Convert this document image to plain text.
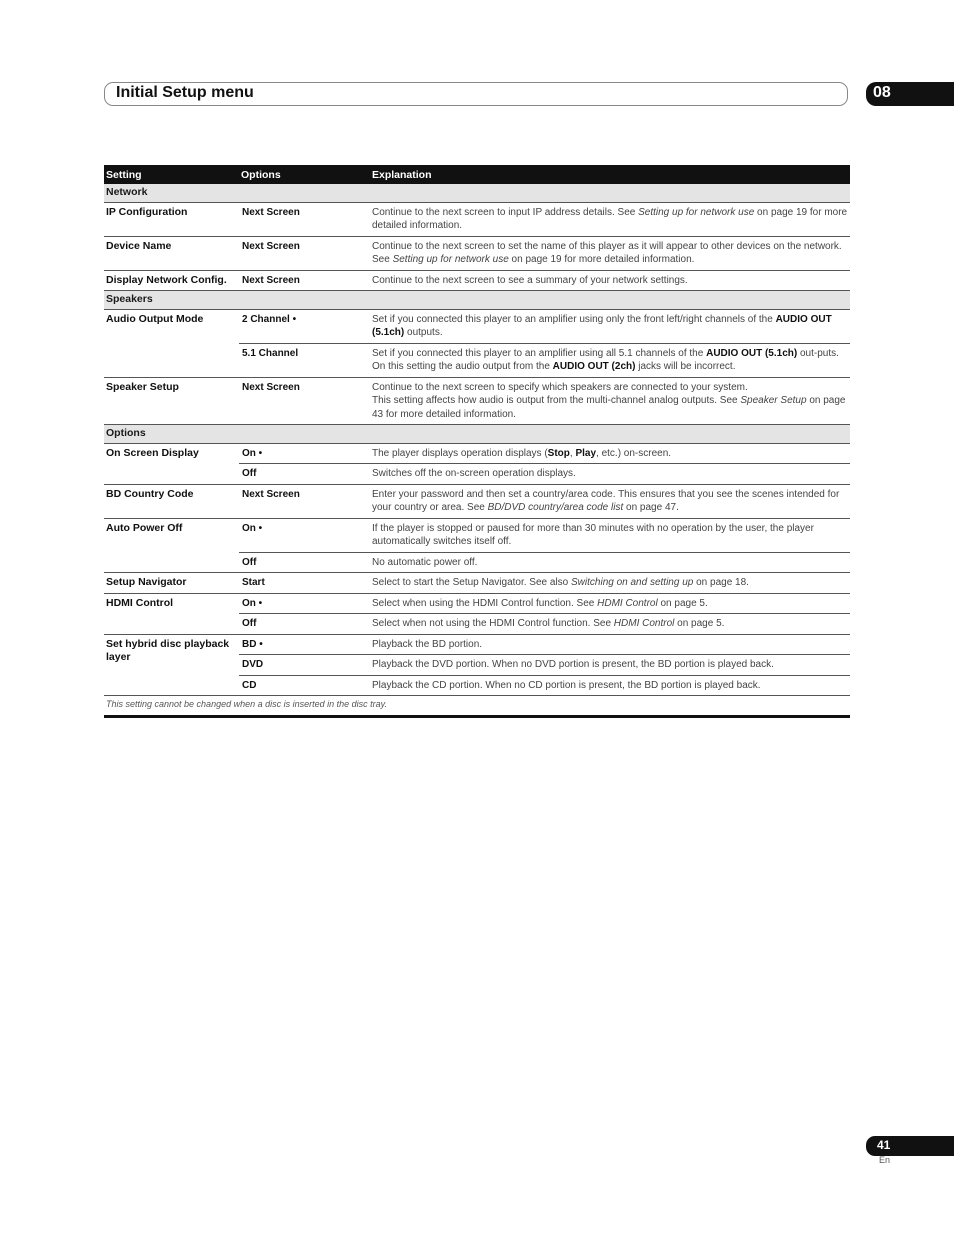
Initial Setup menu	08
Setting	Options	Explanation
Network		
IP Configuration	Next Screen	Continue to the next screen to input IP address details. See Setting up for network use on page 19 for more detailed information.
Device Name	Next Screen	Continue to the next screen to set the name of this player as it will appear to other devices on the network. See Setting up for network use on page 19 for more detailed information.
Display Network Config.	Next Screen	Continue to the next screen to see a summary of your network settings.
Speakers		
Audio Output Mode	2 Channel •	Set if you connected this player to an amplifier using only the front left/right channels of the AUDIO OUT (5.1ch) outputs.
	5.1 Channel	Set if you connected this player to an amplifier using all 5.1 channels of the AUDIO OUT (5.1ch) out-puts. On this setting the audio output from the AUDIO OUT (2ch) jacks will be incorrect.
Speaker Setup	Next Screen	Continue to the next screen to specify which speakers are connected to your system.
This setting affects how audio is output from the multi-channel analog outputs. See Speaker Setup on page 43 for more detailed information.
Options		
On Screen Display	On •	The player displays operation displays (Stop, Play, etc.) on-screen.
	Off	Switches off the on-screen operation displays.
BD Country Code	Next Screen	Enter your password and then set a country/area code. This ensures that you see the scenes intended for your country or area. See BD/DVD country/area code list on page 47.
Auto Power Off	On •	If the player is stopped or paused for more than 30 minutes with no operation by the user, the player automatically switches itself off.
	Off	No automatic power off.
Setup Navigator	Start	Select to start the Setup Navigator. See also Switching on and setting up on page 18.
HDMI Control	On •	Select when using the HDMI Control function. See HDMI Control on page 5.
	Off	Select when not using the HDMI Control function. See HDMI Control on page 5.
Set hybrid disc playback layer	BD •	Playback the BD portion.
	DVD	Playback the DVD portion. When no DVD portion is present, the BD portion is played back.
	CD	Playback the CD portion. When no CD portion is present, the BD portion is played back.
This setting cannot be changed when a disc is inserted in the disc tray.		
41
En
